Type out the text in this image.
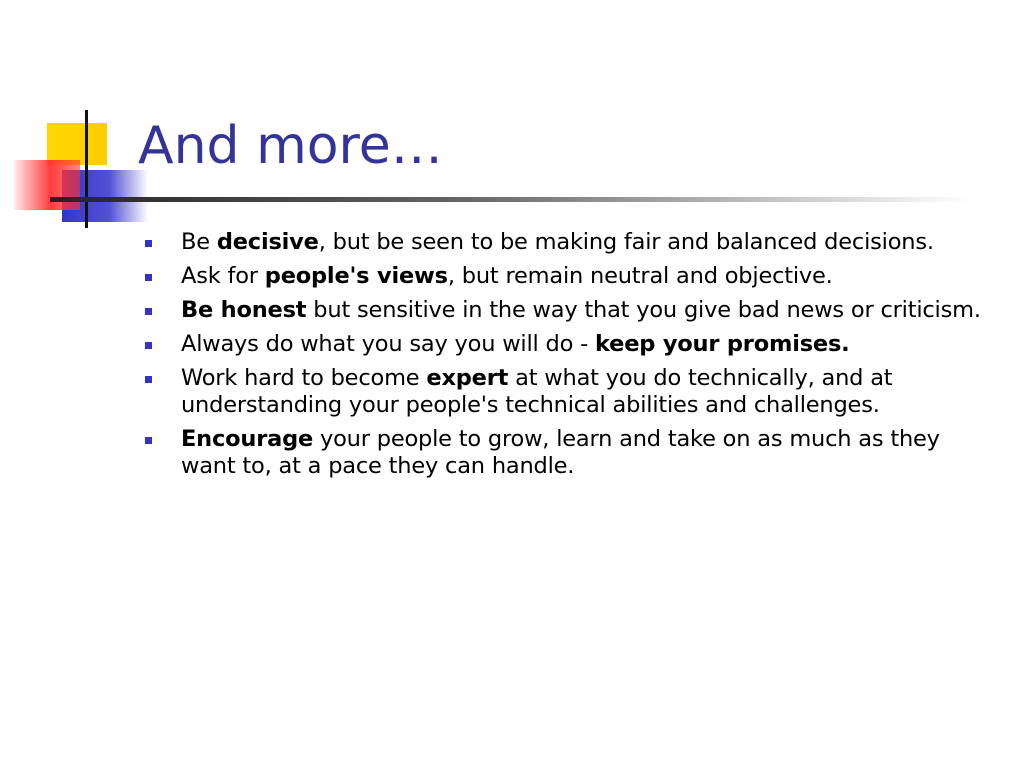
And more…
Be decisive, but be seen to be making fair and balanced decisions.
Ask for people's views, but remain neutral and objective.
Be honest but sensitive in the way that you give bad news or criticism.
Always do what you say you will do - keep your promises.
Work hard to become expert at what you do technically, and at understanding your people's technical abilities and challenges.
Encourage your people to grow, learn and take on as much as they want to, at a pace they can handle.
